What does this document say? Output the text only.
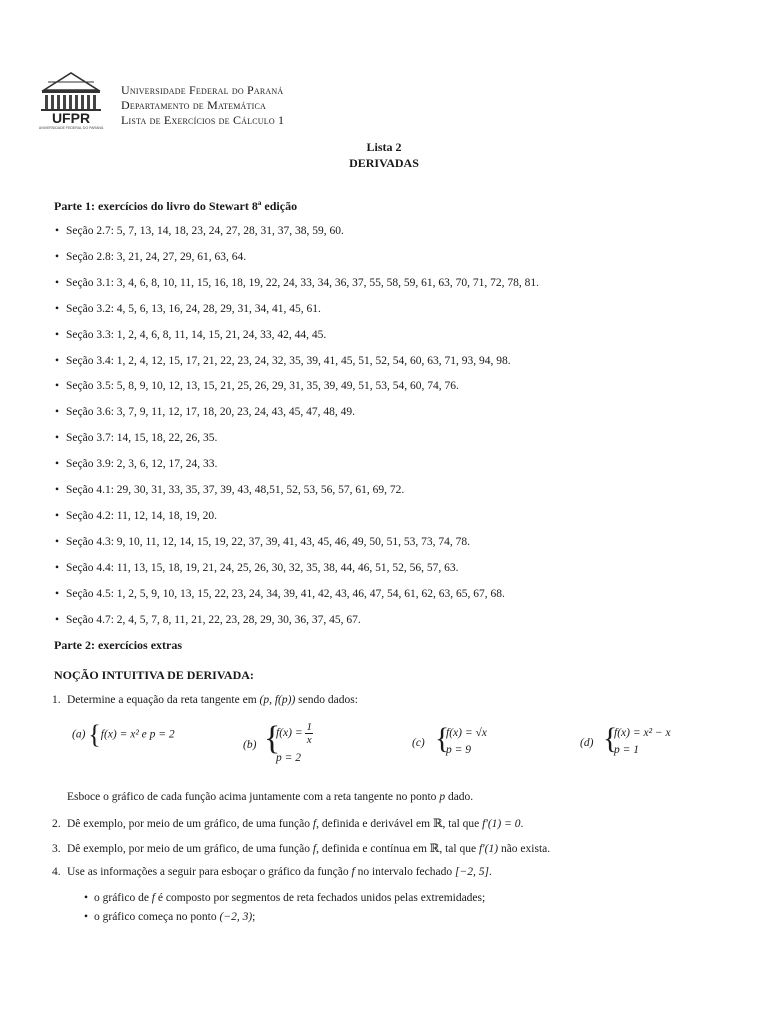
UFPR
UNIVERSIDADE FEDERAL DO PARANÁ
Universidade Federal do Paraná
Departamento de Matemática
Lista de Exercícios de Cálculo 1
Lista 2
DERIVADAS
Parte 1: exercícios do livro do Stewart 8ª edição
• Seção 2.7: 5, 7, 13, 14, 18, 23, 24, 27, 28, 31, 37, 38, 59, 60.
• Seção 2.8: 3, 21, 24, 27, 29, 61, 63, 64.
• Seção 3.1: 3, 4, 6, 8, 10, 11, 15, 16, 18, 19, 22, 24, 33, 34, 36, 37, 55, 58, 59, 61, 63, 70, 71, 72, 78, 81.
• Seção 3.2: 4, 5, 6, 13, 16, 24, 28, 29, 31, 34, 41, 45, 61.
• Seção 3.3: 1, 2, 4, 6, 8, 11, 14, 15, 21, 24, 33, 42, 44, 45.
• Seção 3.4: 1, 2, 4, 12, 15, 17, 21, 22, 23, 24, 32, 35, 39, 41, 45, 51, 52, 54, 60, 63, 71, 93, 94, 98.
• Seção 3.5: 5, 8, 9, 10, 12, 13, 15, 21, 25, 26, 29, 31, 35, 39, 49, 51, 53, 54, 60, 74, 76.
• Seção 3.6: 3, 7, 9, 11, 12, 17, 18, 20, 23, 24, 43, 45, 47, 48, 49.
• Seção 3.7: 14, 15, 18, 22, 26, 35.
• Seção 3.9: 2, 3, 6, 12, 17, 24, 33.
• Seção 4.1: 29, 30, 31, 33, 35, 37, 39, 43, 48,51, 52, 53, 56, 57, 61, 69, 72.
• Seção 4.2: 11, 12, 14, 18, 19, 20.
• Seção 4.3: 9, 10, 11, 12, 14, 15, 19, 22, 37, 39, 41, 43, 45, 46, 49, 50, 51, 53, 73, 74, 78.
• Seção 4.4: 11, 13, 15, 18, 19, 21, 24, 25, 26, 30, 32, 35, 38, 44, 46, 51, 52, 56, 57, 63.
• Seção 4.5: 1, 2, 5, 9, 10, 13, 15, 22, 23, 24, 34, 39, 41, 42, 43, 46, 47, 54, 61, 62, 63, 65, 67, 68.
• Seção 4.7: 2, 4, 5, 7, 8, 11, 21, 22, 23, 28, 29, 30, 36, 37, 45, 67.
Parte 2: exercícios extras
NOÇÃO INTUITIVA DE DERIVADA:
1. Determine a equação da reta tangente em (p, f(p)) sendo dados:
(a) {f(x) = x² e p = 2
(b) {
$f(x) = \frac{1}{x}$
p = 2
(c) {
f(x) = √x
p = 9
(d) {
f(x) = x² − x
p = 1
Esboce o gráfico de cada função acima juntamente com a reta tangente no ponto p dado.
2. Dê exemplo, por meio de um gráfico, de uma função f, definida e derivável em ℝ, tal que f′(1) = 0.
3. Dê exemplo, por meio de um gráfico, de uma função f, definida e contínua em ℝ, tal que f′(1) não exista.
4. Use as informações a seguir para esboçar o gráfico da função f no intervalo fechado [−2, 5].
• o gráfico de f é composto por segmentos de reta fechados unidos pelas extremidades;
• o gráfico começa no ponto (−2, 3);
